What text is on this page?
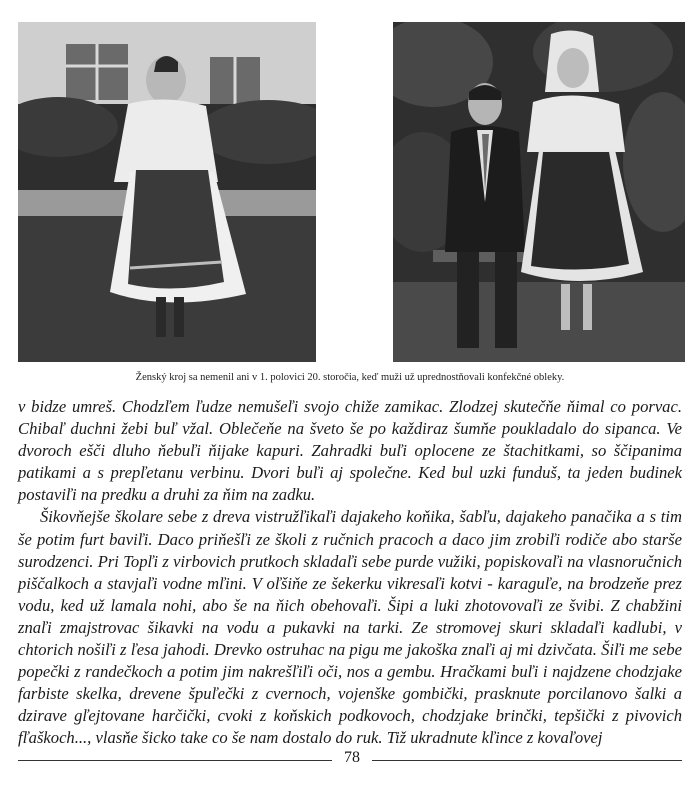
Ženský kroj sa nemenil ani v 1. polovici 20. storočia, keď muži už uprednostňovali konfekčné obleky.

v bidze umreš. Chodzľem ľudze nemušeľi svojo chiže zamikac. Zlodzej skutečňe ňimal co porvac. Chibaľ duchni žebi buľ vžal. Oblečeňe na šveto še po každiraz šumňe poukladalo do sipanca. Ve dvoroch ešči dluho ňebuľi ňijake kapuri. Zahradki buľi oplocene ze štachitkami, so ščipanima patikami a s prepľetanu verbinu. Dvori buľi aj společne. Ked bul uzki funduš, ta jeden budinek postaviľi na predku a druhi za ňim na zadku.

Šikovňejše školare sebe z dreva vistružľikaľi dajakeho koňika, šabľu, dajakeho panačika a s tim še potim furt baviľi. Daco priňešľi ze školi z ručnich pracoch a daco jim zrobiľi rodiče abo starše surodzenci. Pri Topľi z virbovich prutkoch skladaľi sebe purde vužiki, popiskovaľi na vlasnoručnich piščalkoch a stavjaľi vodne mľini. V oľšiňe ze šekerku vikresaľi kotvi - karaguľe, na brodzeňe prez vodu, ked už lamala nohi, abo še na ňich obehovaľi. Šipi a luki zhotovovaľi ze švibi. Z chabžini znaľi zmajstrovac šikavki na vodu a pukavki na tarki. Ze stromovej skuri skladaľi kadlubi, v chtorich nošiľi z ľesa jahodi. Drevko ostruhac na pigu me jakoška znaľi aj mi dzivčata. Šiľi me sebe popečki z randečkoch a potim jim nakrešľiľi oči, nos a gembu. Hračkami buľi i najdzene chodzjake farbiste skelka, drevene špuľečki z cvernoch, vojenške gombički, prasknute porcilanovo šalki a dzirave gľejtovane harčički, cvoki z koňskich podkovoch, chodzjake brinčki, tepšički z pivovich fľaškoch..., vlasňe šicko take co še nam dostalo do ruk. Tiž ukradnute kľince z kovaľovej

78
